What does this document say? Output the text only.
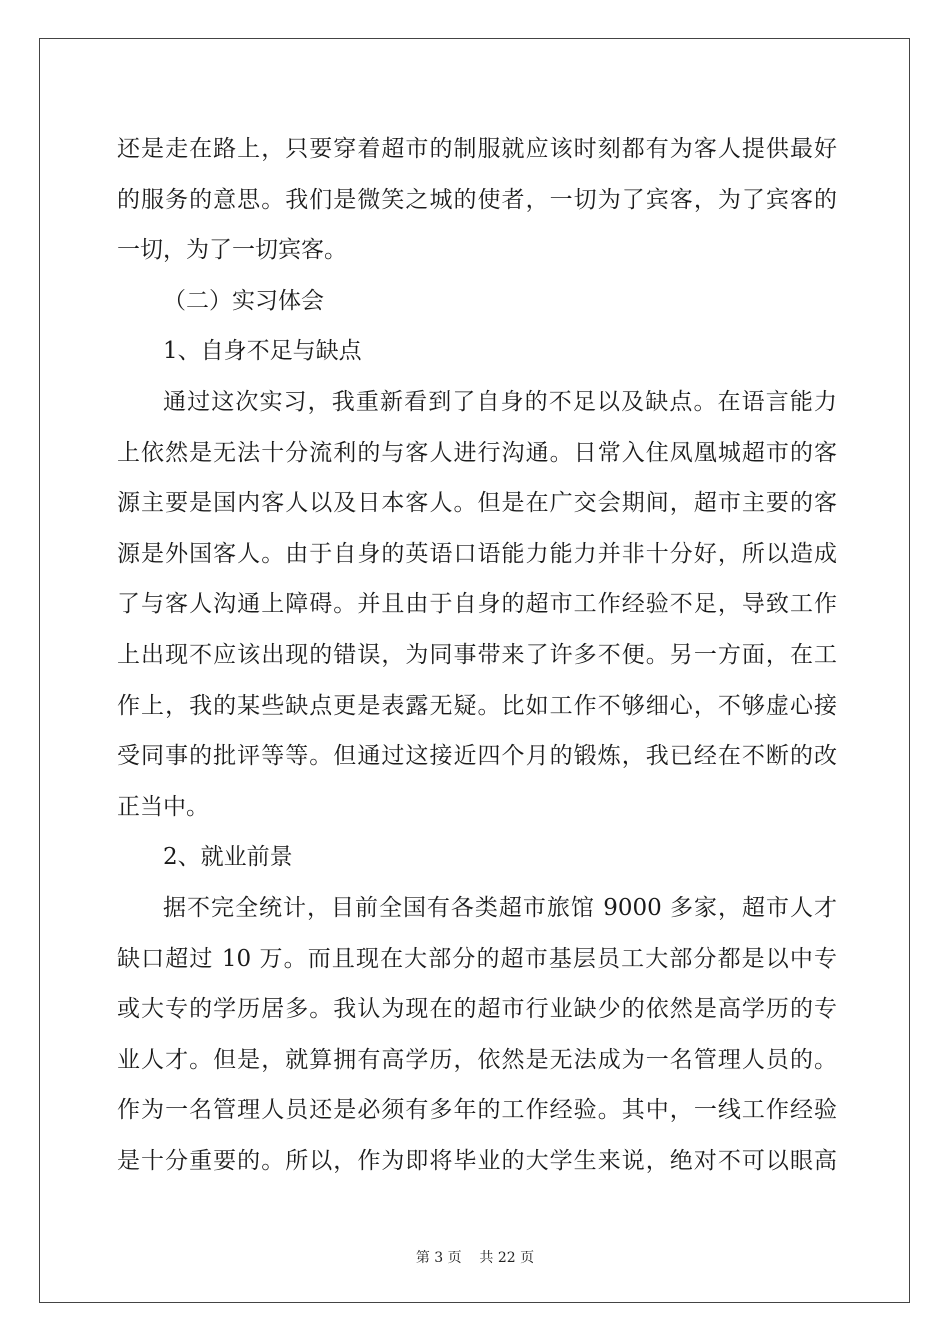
还是走在路上，只要穿着超市的制服就应该时刻都有为客人提供最好
的服务的意思。我们是微笑之城的使者，一切为了宾客，为了宾客的
一切，为了一切宾客。
（二）实习体会
1、自身不足与缺点
通过这次实习，我重新看到了自身的不足以及缺点。在语言能力
上依然是无法十分流利的与客人进行沟通。日常入住凤凰城超市的客
源主要是国内客人以及日本客人。但是在广交会期间，超市主要的客
源是外国客人。由于自身的英语口语能力能力并非十分好，所以造成
了与客人沟通上障碍。并且由于自身的超市工作经验不足，导致工作
上出现不应该出现的错误，为同事带来了许多不便。另一方面，在工
作上，我的某些缺点更是表露无疑。比如工作不够细心，不够虚心接
受同事的批评等等。但通过这接近四个月的锻炼，我已经在不断的改
正当中。
2、就业前景
据不完全统计，目前全国有各类超市旅馆 9000 多家，超市人才
缺口超过 10 万。而且现在大部分的超市基层员工大部分都是以中专
或大专的学历居多。我认为现在的超市行业缺少的依然是高学历的专
业人才。但是，就算拥有高学历，依然是无法成为一名管理人员的。
作为一名管理人员还是必须有多年的工作经验。其中，一线工作经验
是十分重要的。所以，作为即将毕业的大学生来说，绝对不可以眼高
第 3 页    共 22 页
